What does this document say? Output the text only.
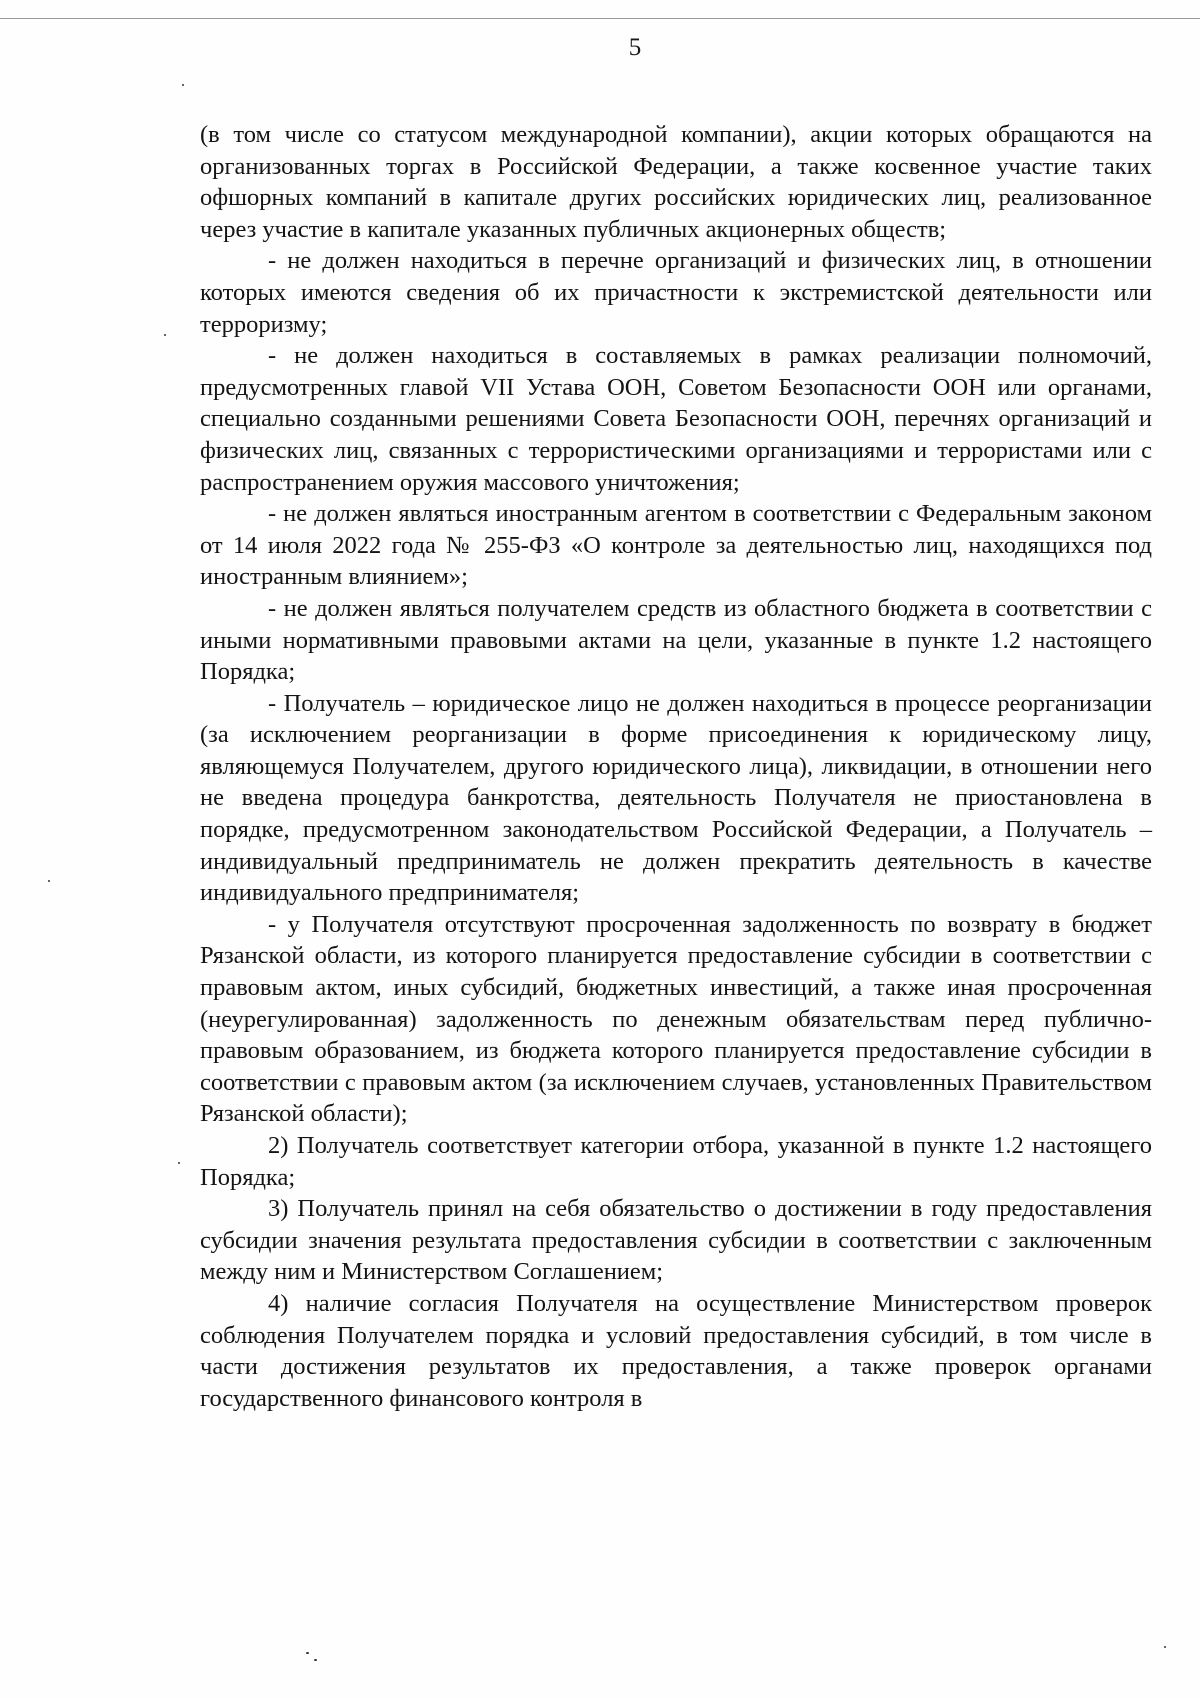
5

(в том числе со статусом международной компании), акции которых обращаются на организованных торгах в Российской Федерации, а также косвенное участие таких офшорных компаний в капитале других российских юридических лиц, реализованное через участие в капитале указанных публичных акционерных обществ;

- не должен находиться в перечне организаций и физических лиц, в отношении которых имеются сведения об их причастности к экстремистской деятельности или терроризму;

- не должен находиться в составляемых в рамках реализации полномочий, предусмотренных главой VII Устава ООН, Советом Безопасности ООН или органами, специально созданными решениями Совета Безопасности ООН, перечнях организаций и физических лиц, связанных с террористическими организациями и террористами или с распространением оружия массового уничтожения;

- не должен являться иностранным агентом в соответствии с Федеральным законом от 14 июля 2022 года № 255-ФЗ «О контроле за деятельностью лиц, находящихся под иностранным влиянием»;

- не должен являться получателем средств из областного бюджета в соответствии с иными нормативными правовыми актами на цели, указанные в пункте 1.2 настоящего Порядка;

- Получатель – юридическое лицо не должен находиться в процессе реорганизации (за исключением реорганизации в форме присоединения к юридическому лицу, являющемуся Получателем, другого юридического лица), ликвидации, в отношении него не введена процедура банкротства, деятельность Получателя не приостановлена в порядке, предусмотренном законодательством Российской Федерации, а Получатель – индивидуальный предприниматель не должен прекратить деятельность в качестве индивидуального предпринимателя;

- у Получателя отсутствуют просроченная задолженность по возврату в бюджет Рязанской области, из которого планируется предоставление субсидии в соответствии с правовым актом, иных субсидий, бюджетных инвестиций, а также иная просроченная (неурегулированная) задолженность по денежным обязательствам перед публично-правовым образованием, из бюджета которого планируется предоставление субсидии в соответствии с правовым актом (за исключением случаев, установленных Правительством Рязанской области);

2) Получатель соответствует категории отбора, указанной в пункте 1.2 настоящего Порядка;

3) Получатель принял на себя обязательство о достижении в году предоставления субсидии значения результата предоставления субсидии в соответствии с заключенным между ним и Министерством Соглашением;

4) наличие согласия Получателя на осуществление Министерством проверок соблюдения Получателем порядка и условий предоставления субсидий, в том числе в части достижения результатов их предоставления, а также проверок органами государственного финансового контроля в
